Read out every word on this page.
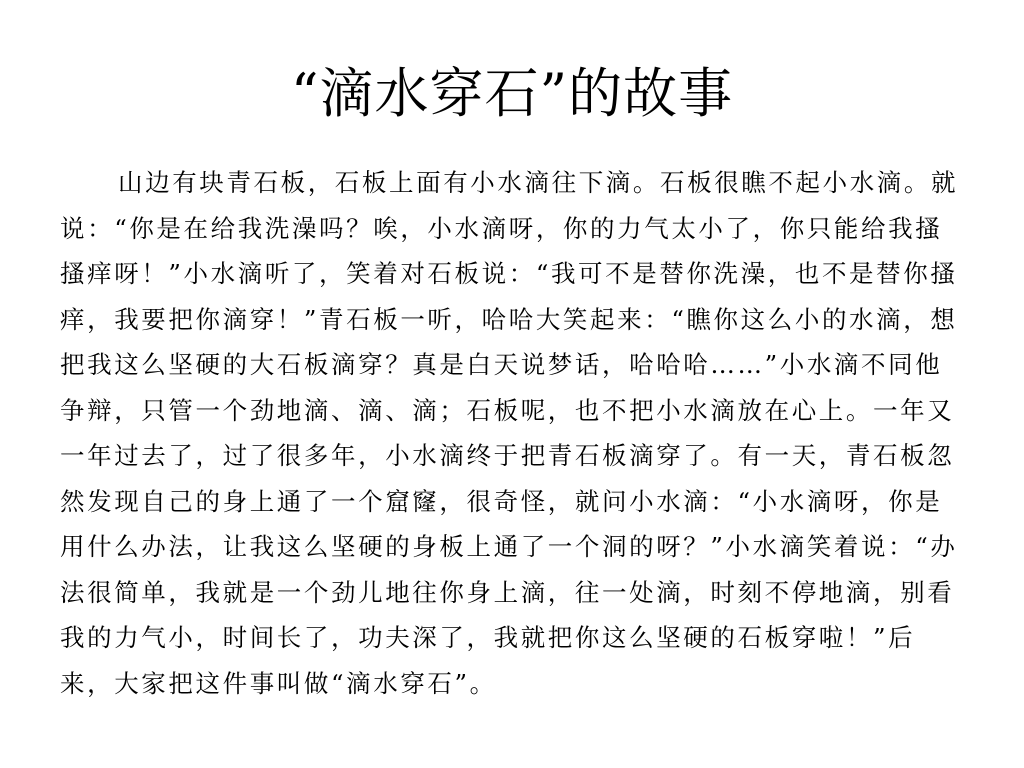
“滴水穿石”的故事

山边有块青石板，石板上面有小水滴往下滴。石板很瞧不起小水滴。就说：“你是在给我洗澡吗？唉，小水滴呀，你的力气太小了，你只能给我搔搔痒呀！”小水滴听了，笑着对石板说：“我可不是替你洗澡，也不是替你搔痒，我要把你滴穿！”青石板一听，哈哈大笑起来：“瞧你这么小的水滴，想把我这么坚硬的大石板滴穿？真是白天说梦话，哈哈哈……”小水滴不同他争辩，只管一个劲地滴、滴、滴；石板呢，也不把小水滴放在心上。一年又一年过去了，过了很多年，小水滴终于把青石板滴穿了。有一天，青石板忽然发现自己的身上通了一个窟窿，很奇怪，就问小水滴：“小水滴呀，你是用什么办法，让我这么坚硬的身板上通了一个洞的呀？”小水滴笑着说：“办法很简单，我就是一个劲儿地往你身上滴，往一处滴，时刻不停地滴，别看我的力气小，时间长了，功夫深了，我就把你这么坚硬的石板穿啦！”后来，大家把这件事叫做“滴水穿石”。
